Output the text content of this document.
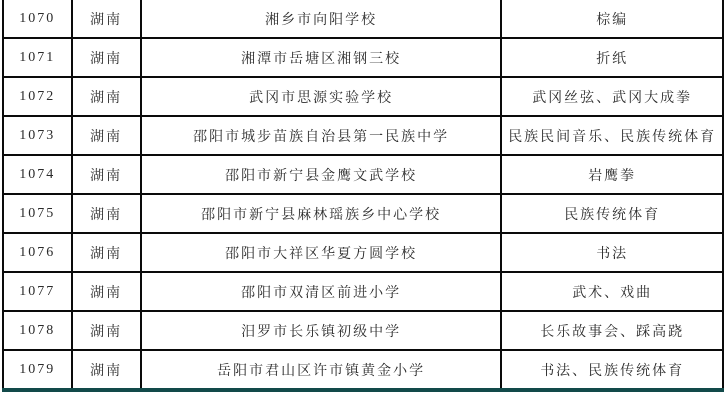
1070	湖南	湘乡市向阳学校	棕编
1071	湖南	湘潭市岳塘区湘钢三校	折纸
1072	湖南	武冈市思源实验学校	武冈丝弦、武冈大成拳
1073	湖南	邵阳市城步苗族自治县第一民族中学	民族民间音乐、民族传统体育
1074	湖南	邵阳市新宁县金鹰文武学校	岩鹰拳
1075	湖南	邵阳市新宁县麻林瑶族乡中心学校	民族传统体育
1076	湖南	邵阳市大祥区华夏方圆学校	书法
1077	湖南	邵阳市双清区前进小学	武术、戏曲
1078	湖南	汨罗市长乐镇初级中学	长乐故事会、踩高跷
1079	湖南	岳阳市君山区许市镇黄金小学	书法、民族传统体育
